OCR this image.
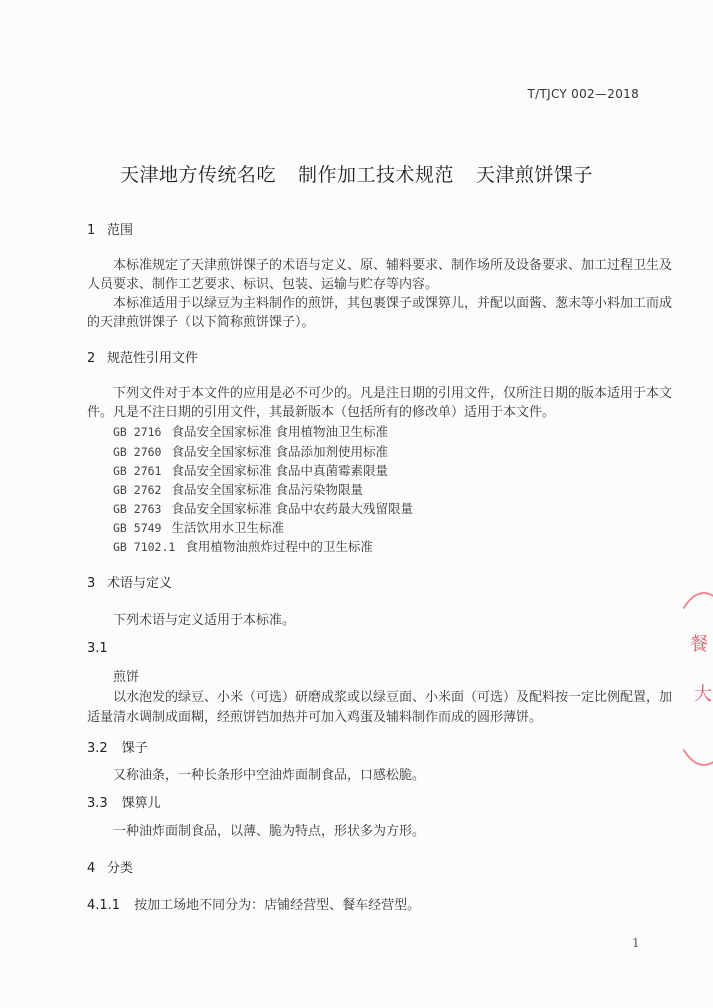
T/TJCY 002—2018
天津地方传统名吃 制作加工技术规范 天津煎饼馃子
1 范围
本标准规定了天津煎饼馃子的术语与定义、原、辅料要求、制作场所及设备要求、加工过程卫生及
人员要求、制作工艺要求、标识、包装、运输与贮存等内容。
本标准适用于以绿豆为主料制作的煎饼，其包裹馃子或馃箅儿，并配以面酱、葱末等小料加工而成
的天津煎饼馃子（以下简称煎饼馃子）。
2 规范性引用文件
下列文件对于本文件的应用是必不可少的。凡是注日期的引用文件，仅所注日期的版本适用于本文
件。凡是不注日期的引用文件，其最新版本（包括所有的修改单）适用于本文件。
GB 2716 食品安全国家标准 食用植物油卫生标准
GB 2760 食品安全国家标准 食品添加剂使用标准
GB 2761 食品安全国家标准 食品中真菌霉素限量
GB 2762 食品安全国家标准 食品污染物限量
GB 2763 食品安全国家标准 食品中农药最大残留限量
GB 5749 生活饮用水卫生标准
GB 7102.1 食用植物油煎炸过程中的卫生标准
3 术语与定义
下列术语与定义适用于本标准。
3.1
煎饼
以水泡发的绿豆、小米（可选）研磨成浆或以绿豆面、小米面（可选）及配料按一定比例配置，加
适量清水调制成面糊，经煎饼铛加热并可加入鸡蛋及辅料制作而成的圆形薄饼。
3.2 馃子
又称油条，一种长条形中空油炸面制食品，口感松脆。
3.3 馃箅儿
一种油炸面制食品，以薄、脆为特点，形状多为方形。
4 分类
4.1.1 按加工场地不同分为：店铺经营型、餐车经营型。
1
餐
大
